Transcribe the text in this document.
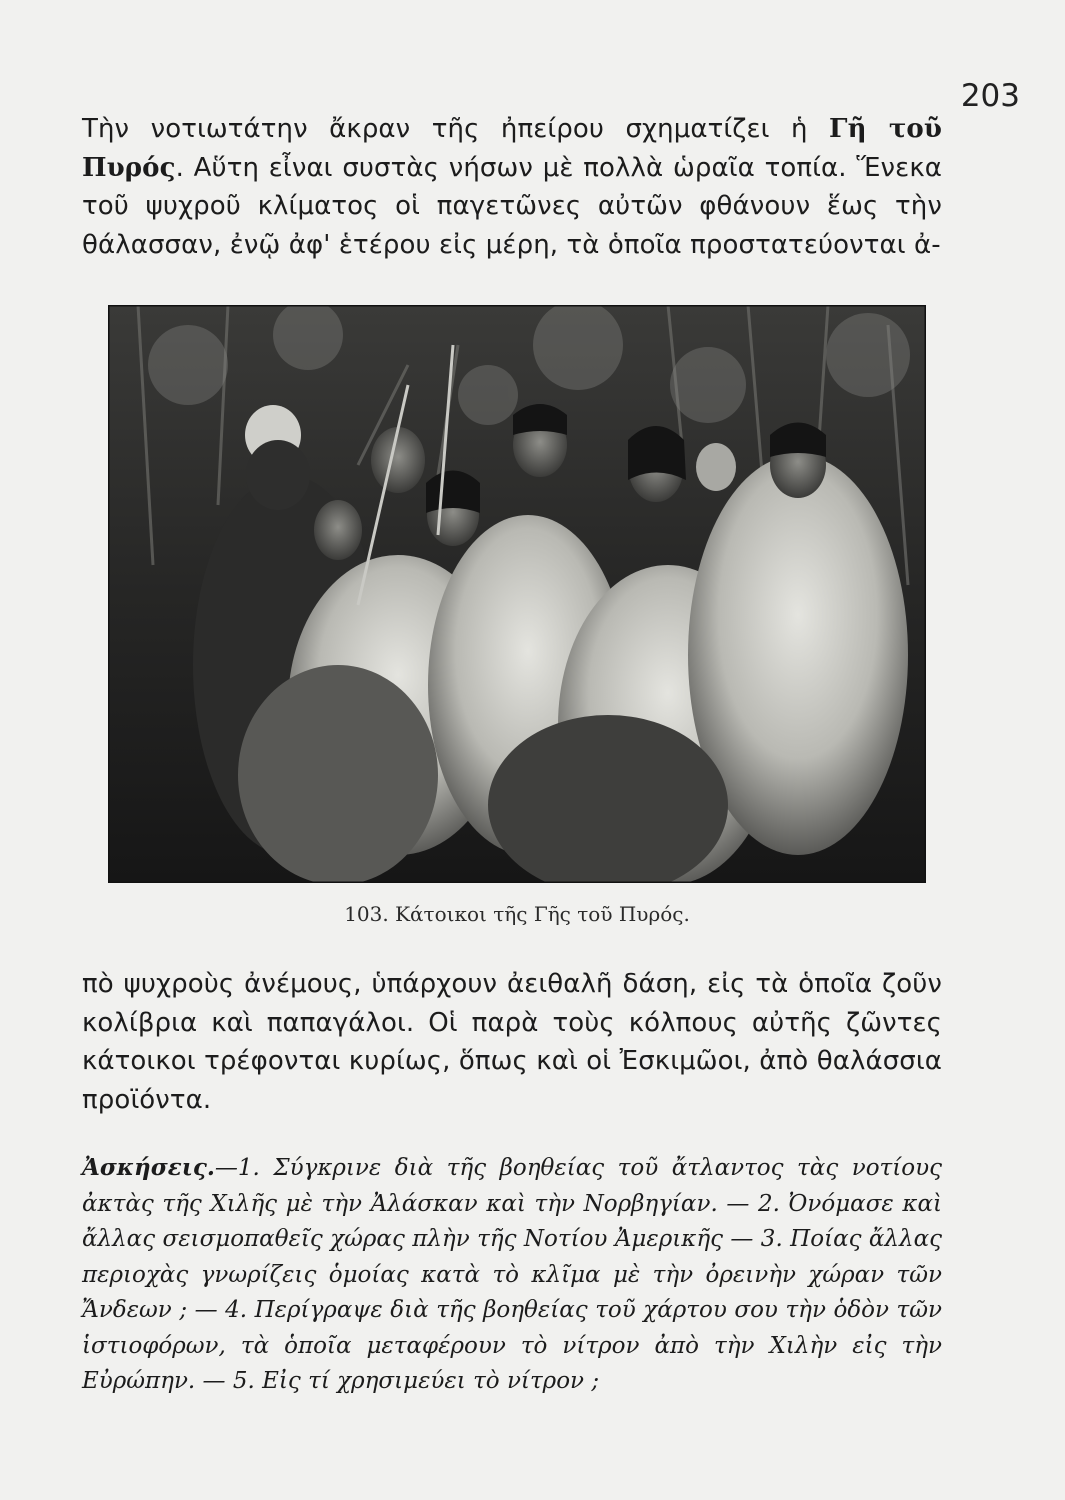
203

Τὴν νοτιωτάτην ἄκραν τῆς ἠπείρου σχηματίζει ἡ Γῆ τοῦ Πυρός. Αὕτη εἶναι συστὰς νήσων μὲ πολλὰ ὡραῖα τοπία. Ἕνεκα τοῦ ψυχροῦ κλίματος οἱ παγετῶνες αὐτῶν φθάνουν ἕως τὴν θάλασσαν, ἐνῷ ἀφ' ἑτέρου εἰς μέρη, τὰ ὁποῖα προστατεύονται ἀ-

103. Κάτοικοι τῆς Γῆς τοῦ Πυρός.

πὸ ψυχροὺς ἀνέμους, ὑπάρχουν ἀειθαλῆ δάση, εἰς τὰ ὁποῖα ζοῦν κολίβρια καὶ παπαγάλοι. Οἱ παρὰ τοὺς κόλπους αὐτῆς ζῶντες κάτοικοι τρέφονται κυρίως, ὅπως καὶ οἱ Ἐσκιμῶοι, ἀπὸ θαλάσσια προϊόντα.

Ἀσκήσεις.—1. Σύγκρινε διὰ τῆς βοηθείας τοῦ ἄτλαντος τὰς νοτίους ἀκτὰς τῆς Χιλῆς μὲ τὴν Ἀλάσκαν καὶ τὴν Νορβηγίαν. — 2. Ὀνόμασε καὶ ἄλλας σεισμοπαθεῖς χώρας πλὴν τῆς Νοτίου Ἀμερικῆς — 3. Ποίας ἄλλας περιοχὰς γνωρίζεις ὁμοίας κατὰ τὸ κλῖμα μὲ τὴν ὀρεινὴν χώραν τῶν Ἄνδεων ; — 4. Περίγραψε διὰ τῆς βοηθείας τοῦ χάρτου σου τὴν ὁδὸν τῶν ἱστιοφόρων, τὰ ὁποῖα μεταφέρουν τὸ νίτρον ἀπὸ τὴν Χιλὴν εἰς τὴν Εὐρώπην. — 5. Εἰς τί χρησιμεύει τὸ νίτρον ;
